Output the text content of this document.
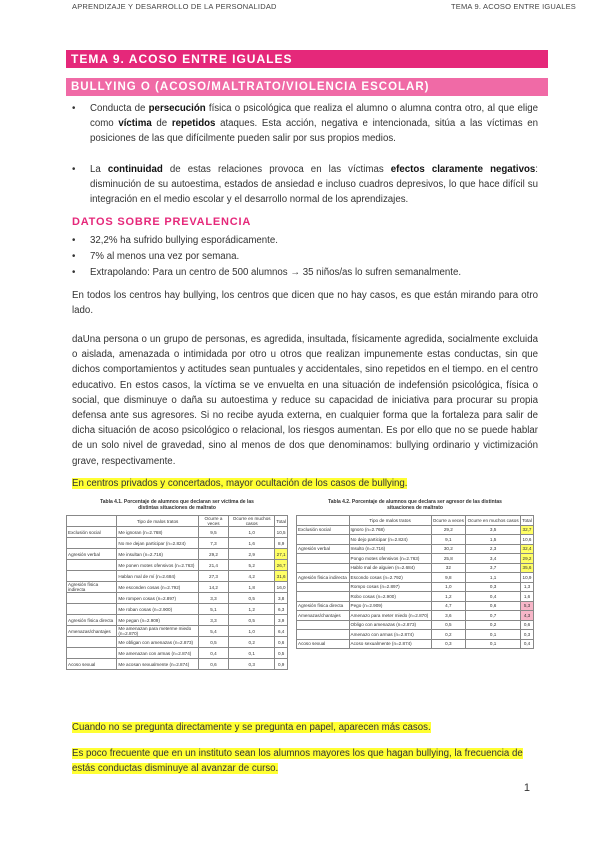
APRENDIZAJE Y DESARROLLO DE LA PERSONALIDAD	TEMA 9. ACOSO ENTRE IGUALES
TEMA 9. ACOSO ENTRE IGUALES
BULLYING O (ACOSO/MALTRATO/VIOLENCIA ESCOLAR)
• Conducta de persecución física o psicológica que realiza el alumno o alumna contra otro, al que elige como víctima de repetidos ataques. Esta acción, negativa e intencionada, sitúa a las víctimas en posiciones de las que difícilmente pueden salir por sus propios medios.
• La continuidad de estas relaciones provoca en las víctimas efectos claramente negativos: disminución de su autoestima, estados de ansiedad e incluso cuadros depresivos, lo que hace difícil su integración en el medio escolar y el desarrollo normal de los aprendizajes.
DATOS SOBRE PREVALENCIA
• 32,2% ha sufrido bullying esporádicamente.
• 7% al menos una vez por semana.
• Extrapolando: Para un centro de 500 alumnos → 35 niños/as lo sufren semanalmente.
En todos los centros hay bullying, los centros que dicen que no hay casos, es que están mirando para otro lado.
daUna persona o un grupo de personas, es agredida, insultada, físicamente agredida, socialmente excluida o aislada, amenazada o intimidada por otro u otros que realizan impunemente estas conductas, sin que dichos comportamientos y actitudes sean puntuales y accidentales, sino repetidos en el tiempo. en el centro educativo. En estos casos, la víctima se ve envuelta en una situación de indefensión psicológica, física o social, que disminuye o daña su autoestima y reduce su capacidad de iniciativa para procurar su propia defensa ante sus agresores. Si no recibe ayuda externa, en cualquier forma que la fortaleza para salir de dicha situación de acoso psicológico o relacional, los riesgos aumentan. Es por ello que no se puede hablar de un solo nivel de gravedad, sino al menos de dos que denominamos: bullying ordinario y victimización grave, respectivamente.
En centros privados y concertados, mayor ocultación de los casos de bullying.
Tabla 4.1. Porcentaje de alumnos que declaran ser víctima de las distintas situaciones de maltrato
	Tipo de malos tratos	Ocurre a veces	Ocurre en muchos casos	Total
Exclusión social	Me ignoran (n=2.768)	9,5	1,0	10,5
	No me dejan participar (n=2.824)	7,3	1,6	8,9
Agresión verbal	Me insultan (n=2.716)	29,2	2,9	27,1
	Me ponen motes ofensivos (n=2.763)	21,4	5,2	26,7
	Hablan mal de mí (n=2.684)	27,3	4,2	31,6
Agresión física indirecta	Me esconden cosas (n=2.792)	14,2	1,8	16,0
	Me rompen cosas (n=2.897)	3,3	0,5	3,8
	Me roban cosas (n=2.900)	5,1	1,2	6,3
Agresión física directa	Me pegan (n=2.909)	3,3	0,5	3,9
Amenazas/chantajes	Me amenazan para meterme miedo (n=2.870)	5,4	1,0	6,4
	Me obligan con amenazas (n=2.873)	0,5	0,2	0,6
	Me amenazan con armas (n=2.874)	0,4	0,1	0,5
Acoso sexual	Me acosan sexualmente (n=2.874)	0,6	0,3	0,9
Tabla 4.2. Porcentaje de alumnos que declara ser agresor de las distintas situaciones de maltrato
	Tipo de malos tratos	Ocurre a veces	Ocurre en muchos casos	Total
Exclusión social	Ignoro (n=2.768)	29,2	3,5	32,7
	No dejo participar (n=2.824)	9,1	1,5	10,6
Agresión verbal	Insulto (n=2.716)	30,2	2,3	32,4
	Pongo motes ofensivos (n=2.763)	25,8	3,4	29,2
	Hablo mal de alguien (n=2.684)	32	3,7	35,6
Agresión física indirecta	Escondo cosas (n=2.792)	9,8	1,1	10,9
	Rompo cosas (n=2.897)	1,0	0,3	1,3
	Robo cosas (n=2.900)	1,2	0,4	1,6
Agresión física directa	Pego (n=2.909)	4,7	0,6	5,3
Amenazas/chantajes	Amenazo para meter miedo (n=2.870)	3,6	0,7	4,3
	Obligo con amenazas (n=2.873)	0,5	0,2	0,6
	Amenazo con armas (n=2.874)	0,2	0,1	0,3
Acoso sexual	Acoso sexualmente (n=2.874)	0,3	0,1	0,4
Cuando no se pregunta directamente y se pregunta en papel, aparecen más casos.
Es poco frecuente que en un instituto sean los alumnos mayores los que hagan bullying, la frecuencia de estás conductas disminuye al avanzar de curso.
1
